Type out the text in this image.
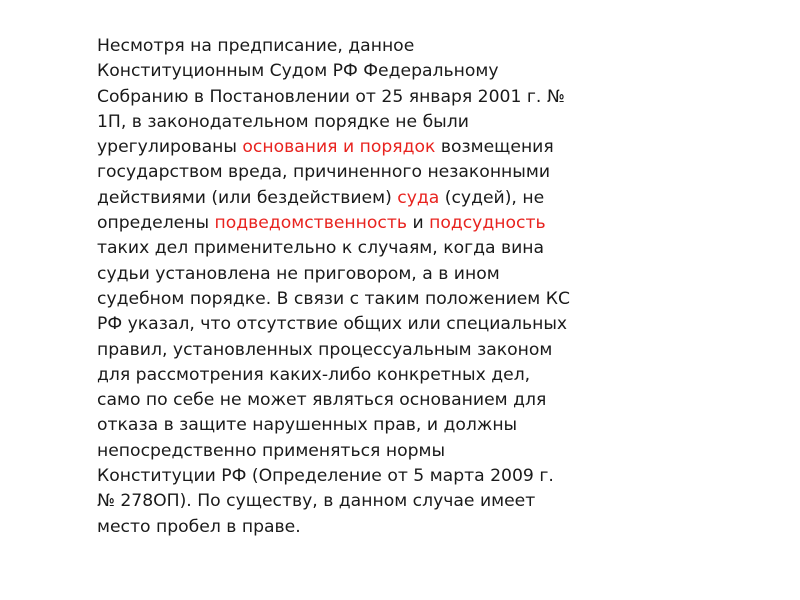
Несмотря на предписание, данное
Конституционным Судом РФ Федеральному
Собранию в Постановлении от 25 января 2001 г. №
1П, в законодательном порядке не были
урегулированы основания и порядок возмещения
государством вреда, причиненного незаконными
действиями (или бездействием) суда (судей), не
определены подведомственность и подсудность
таких дел применительно к случаям, когда вина
судьи установлена не приговором, а в ином
судебном порядке. В связи с таким положением КС
РФ указал, что отсутствие общих или специальных
правил, установленных процессуальным законом
для рассмотрения каких-либо конкретных дел,
само по себе не может являться основанием для
отказа в защите нарушенных прав, и должны
непосредственно применяться нормы
Конституции РФ (Определение от 5 марта 2009 г.
№ 278ОП). По существу, в данном случае имеет
место пробел в праве.
